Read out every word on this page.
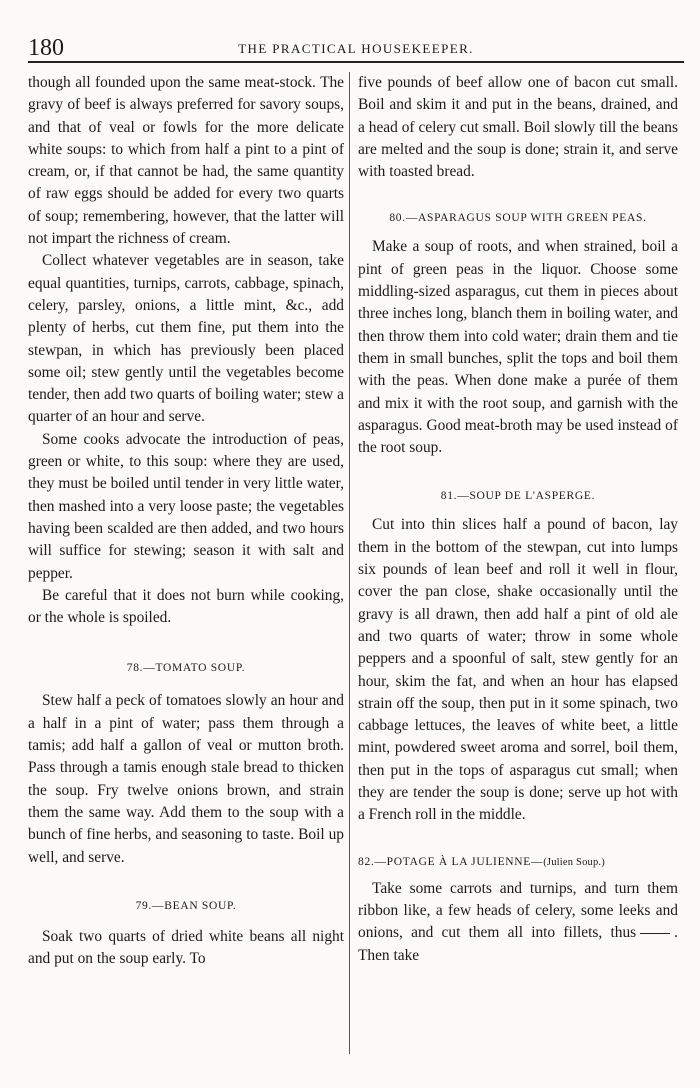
180	THE PRACTICAL HOUSEKEEPER.

though all founded upon the same meat-stock. The gravy of beef is always preferred for savory soups, and that of veal or fowls for the more delicate white soups: to which from half a pint to a pint of cream, or, if that cannot be had, the same quantity of raw eggs should be added for every two quarts of soup; remembering, however, that the latter will not impart the richness of cream.

Collect whatever vegetables are in season, take equal quantities, turnips, carrots, cabbage, spinach, celery, parsley, onions, a little mint, &c., add plenty of herbs, cut them fine, put them into the stewpan, in which has previously been placed some oil; stew gently until the vegetables become tender, then add two quarts of boiling water; stew a quarter of an hour and serve.

Some cooks advocate the introduction of peas, green or white, to this soup: where they are used, they must be boiled until tender in very little water, then mashed into a very loose paste; the vegetables having been scalded are then added, and two hours will suffice for stewing; season it with salt and pepper.

Be careful that it does not burn while cooking, or the whole is spoiled.

78.—TOMATO SOUP.

Stew half a peck of tomatoes slowly an hour and a half in a pint of water; pass them through a tamis; add half a gallon of veal or mutton broth. Pass through a tamis enough stale bread to thicken the soup. Fry twelve onions brown, and strain them the same way. Add them to the soup with a bunch of fine herbs, and seasoning to taste. Boil up well, and serve.

79.—BEAN SOUP.

Soak two quarts of dried white beans all night and put on the soup early. To

five pounds of beef allow one of bacon cut small. Boil and skim it and put in the beans, drained, and a head of celery cut small. Boil slowly till the beans are melted and the soup is done; strain it, and serve with toasted bread.

80.—ASPARAGUS SOUP WITH GREEN PEAS.

Make a soup of roots, and when strained, boil a pint of green peas in the liquor. Choose some middling-sized asparagus, cut them in pieces about three inches long, blanch them in boiling water, and then throw them into cold water; drain them and tie them in small bunches, split the tops and boil them with the peas. When done make a purée of them and mix it with the root soup, and garnish with the asparagus. Good meat-broth may be used instead of the root soup.

81.—SOUP DE L'ASPERGE.

Cut into thin slices half a pound of bacon, lay them in the bottom of the stewpan, cut into lumps six pounds of lean beef and roll it well in flour, cover the pan close, shake occasionally until the gravy is all drawn, then add half a pint of old ale and two quarts of water; throw in some whole peppers and a spoonful of salt, stew gently for an hour, skim the fat, and when an hour has elapsed strain off the soup, then put in it some spinach, two cabbage lettuces, the leaves of white beet, a little mint, powdered sweet aroma and sorrel, boil them, then put in the tops of asparagus cut small; when they are tender the soup is done; serve up hot with a French roll in the middle.

82.—POTAGE À LA JULIENNE—(Julien Soup.)

Take some carrots and turnips, and turn them ribbon like, a few heads of celery, some leeks and onions, and cut them all into fillets, thus . Then take
